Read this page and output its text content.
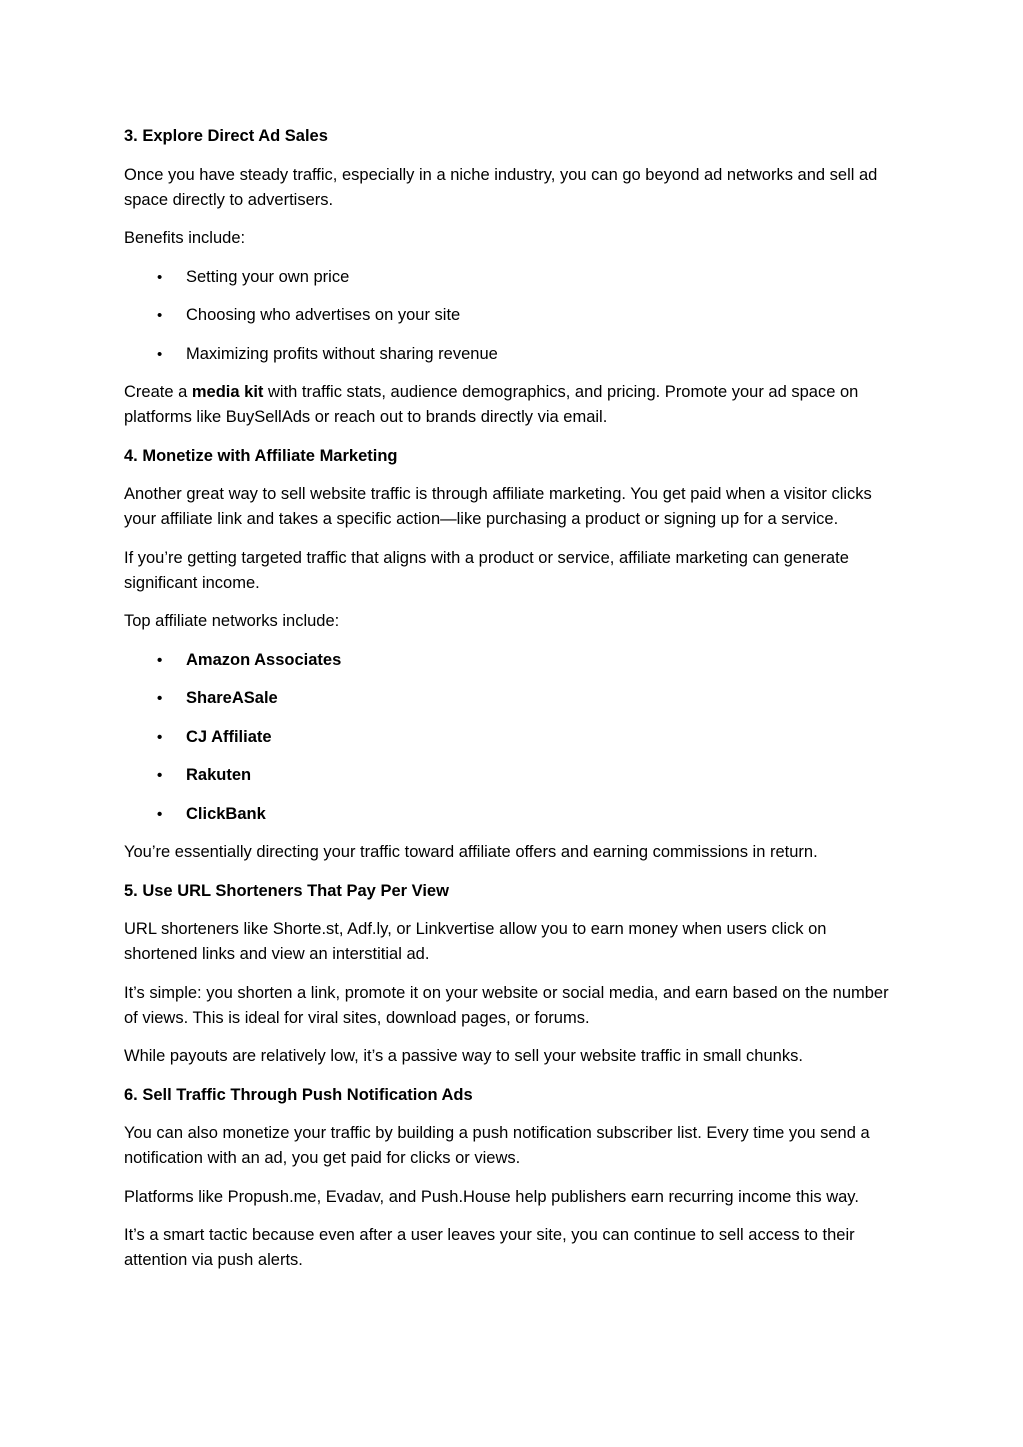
3. Explore Direct Ad Sales

Once you have steady traffic, especially in a niche industry, you can go beyond ad networks and sell ad space directly to advertisers.

Benefits include:

• Setting your own price
• Choosing who advertises on your site
• Maximizing profits without sharing revenue

Create a media kit with traffic stats, audience demographics, and pricing. Promote your ad space on platforms like BuySellAds or reach out to brands directly via email.

4. Monetize with Affiliate Marketing

Another great way to sell website traffic is through affiliate marketing. You get paid when a visitor clicks your affiliate link and takes a specific action—like purchasing a product or signing up for a service.

If you’re getting targeted traffic that aligns with a product or service, affiliate marketing can generate significant income.

Top affiliate networks include:

• Amazon Associates
• ShareASale
• CJ Affiliate
• Rakuten
• ClickBank

You’re essentially directing your traffic toward affiliate offers and earning commissions in return.

5. Use URL Shorteners That Pay Per View

URL shorteners like Shorte.st, Adf.ly, or Linkvertise allow you to earn money when users click on shortened links and view an interstitial ad.

It’s simple: you shorten a link, promote it on your website or social media, and earn based on the number of views. This is ideal for viral sites, download pages, or forums.

While payouts are relatively low, it’s a passive way to sell your website traffic in small chunks.

6. Sell Traffic Through Push Notification Ads

You can also monetize your traffic by building a push notification subscriber list. Every time you send a notification with an ad, you get paid for clicks or views.

Platforms like Propush.me, Evadav, and Push.House help publishers earn recurring income this way.

It’s a smart tactic because even after a user leaves your site, you can continue to sell access to their attention via push alerts.
